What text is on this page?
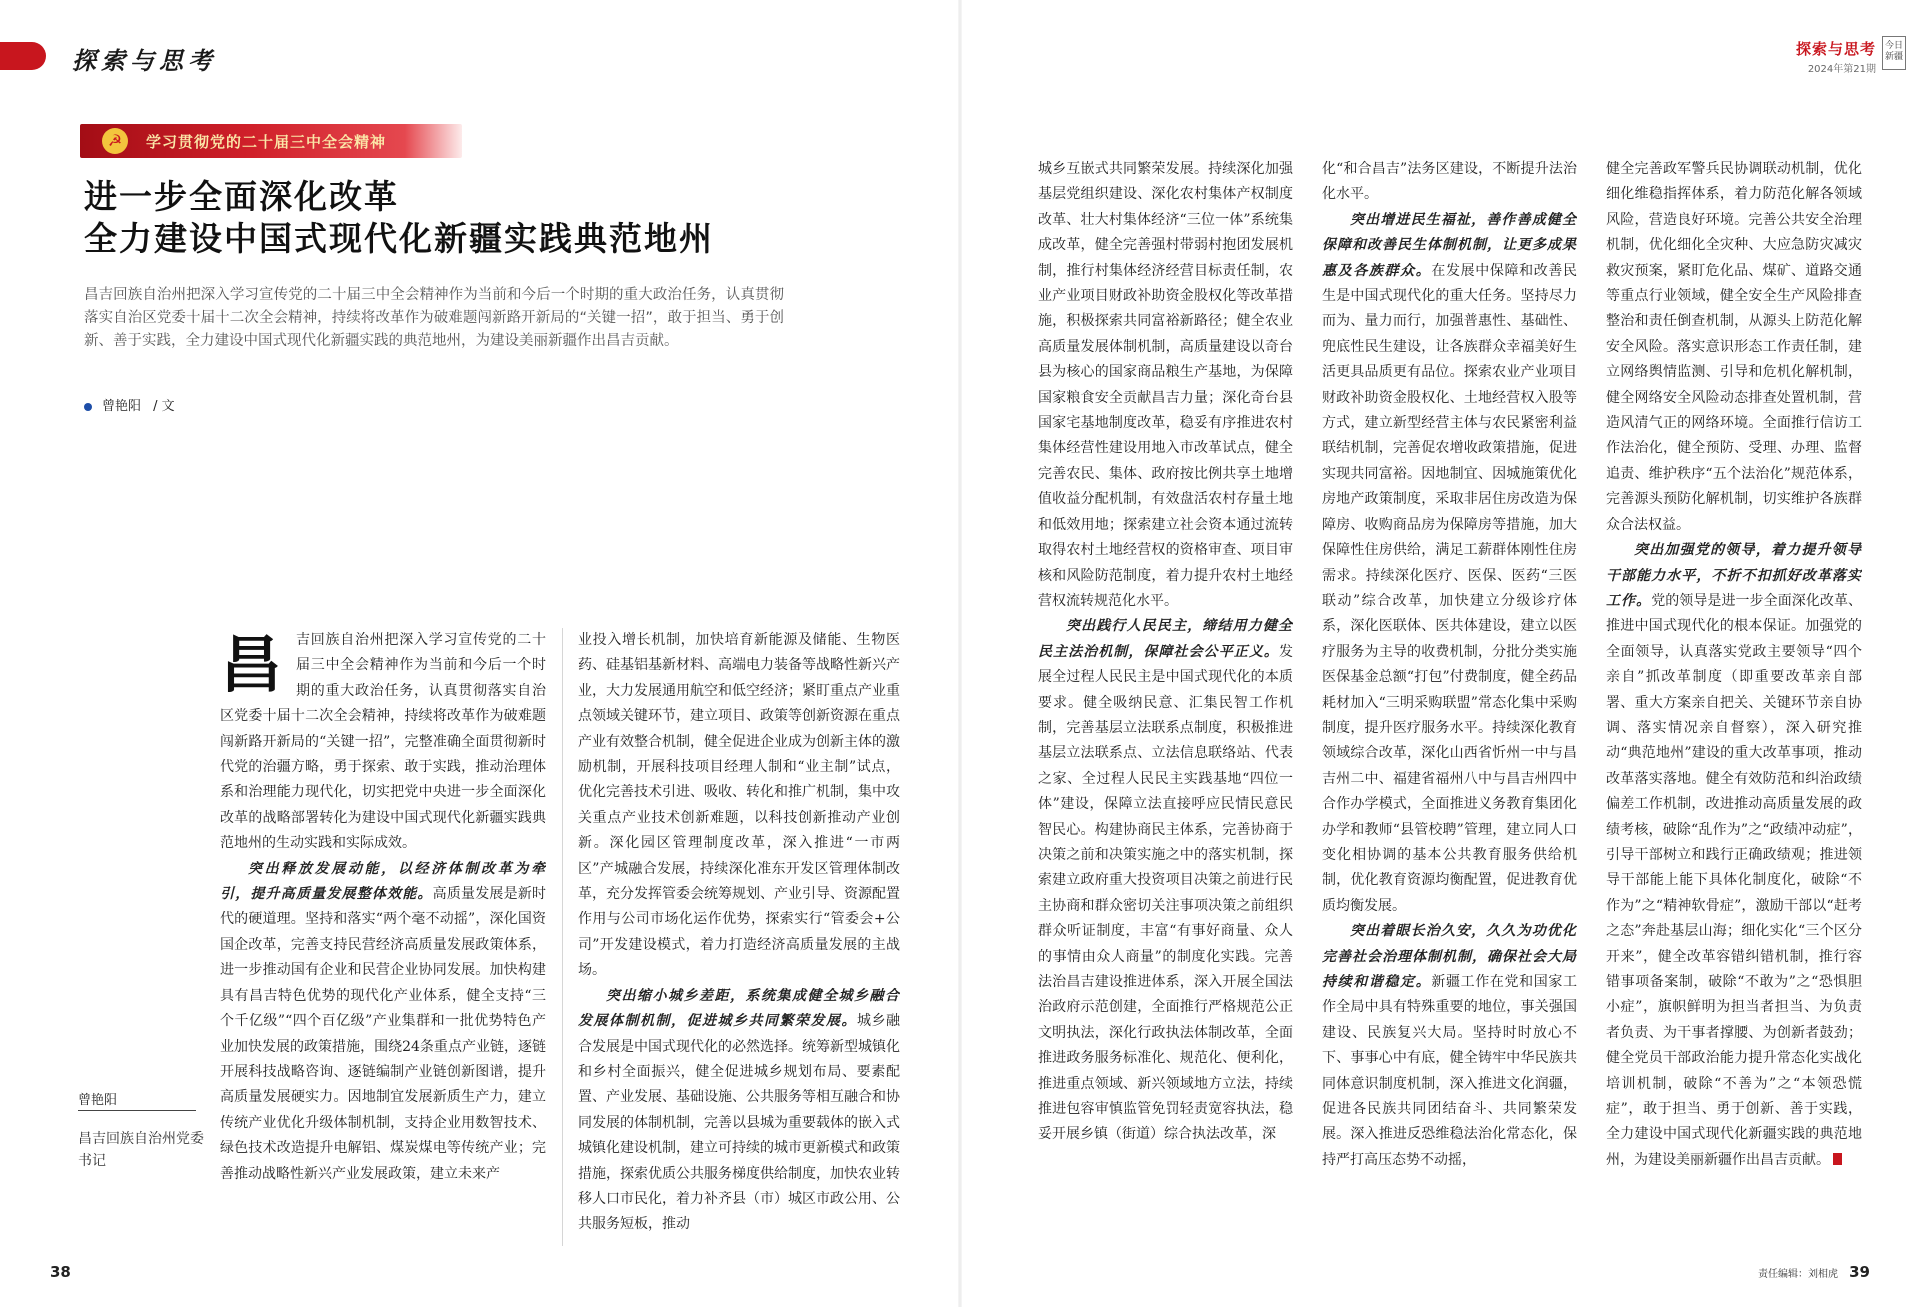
探索与思考	探索与思考
2024年第21期
今日新疆
☭	学习贯彻党的二十届三中全会精神
进一步全面深化改革
全力建设中国式现代化新疆实践典范地州
昌吉回族自治州把深入学习宣传党的二十届三中全会精神作为当前和今后一个时期的重大政治任务，认真贯彻落实自治区党委十届十二次全会精神，持续将改革作为破难题闯新路开新局的“关键一招”，敢于担当、勇于创新、善于实践，全力建设中国式现代化新疆实践的典范地州，为建设美丽新疆作出昌吉贡献。
曾艳阳 / 文
曾艳阳
昌吉回族自治州党委书记

昌吉回族自治州把深入学习宣传党的二十届三中全会精神作为当前和今后一个时期的重大政治任务，认真贯彻落实自治区党委十届十二次全会精神，持续将改革作为破难题闯新路开新局的“关键一招”，完整准确全面贯彻新时代党的治疆方略，勇于探索、敢于实践，推动治理体系和治理能力现代化，切实把党中央进一步全面深化改革的战略部署转化为建设中国式现代化新疆实践典范地州的生动实践和实际成效。

突出释放发展动能，以经济体制改革为牵引，提升高质量发展整体效能。高质量发展是新时代的硬道理。坚持和落实“两个毫不动摇”，深化国资国企改革，完善支持民营经济高质量发展政策体系，进一步推动国有企业和民营企业协同发展。加快构建具有昌吉特色优势的现代化产业体系，健全支持“三个千亿级”“四个百亿级”产业集群和一批优势特色产业加快发展的政策措施，围绕24条重点产业链，逐链开展科技战略咨询、逐链编制产业链创新图谱，提升高质量发展硬实力。因地制宜发展新质生产力，建立传统产业优化升级体制机制，支持企业用数智技术、绿色技术改造提升电解铝、煤炭煤电等传统产业；完善推动战略性新兴产业发展政策，建立未来产

业投入增长机制，加快培育新能源及储能、生物医药、硅基铝基新材料、高端电力装备等战略性新兴产业，大力发展通用航空和低空经济；紧盯重点产业重点领域关键环节，建立项目、政策等创新资源在重点产业有效整合机制，健全促进企业成为创新主体的激励机制，开展科技项目经理人制和“业主制”试点，优化完善技术引进、吸收、转化和推广机制，集中攻关重点产业技术创新难题，以科技创新推动产业创新。深化园区管理制度改革，深入推进“一市两区”产城融合发展，持续深化准东开发区管理体制改革，充分发挥管委会统筹规划、产业引导、资源配置作用与公司市场化运作优势，探索实行“管委会+公司”开发建设模式，着力打造经济高质量发展的主战场。

突出缩小城乡差距，系统集成健全城乡融合发展体制机制，促进城乡共同繁荣发展。城乡融合发展是中国式现代化的必然选择。统筹新型城镇化和乡村全面振兴，健全促进城乡规划布局、要素配置、产业发展、基础设施、公共服务等相互融合和协同发展的体制机制，完善以县城为重要载体的嵌入式城镇化建设机制，建立可持续的城市更新模式和政策措施，探索优质公共服务梯度供给制度，加快农业转移人口市民化，着力补齐县（市）城区市政公用、公共服务短板，推动

城乡互嵌式共同繁荣发展。持续深化加强基层党组织建设、深化农村集体产权制度改革、壮大村集体经济“三位一体”系统集成改革，健全完善强村带弱村抱团发展机制，推行村集体经济经营目标责任制，农业产业项目财政补助资金股权化等改革措施，积极探索共同富裕新路径；健全农业高质量发展体制机制，高质量建设以奇台县为核心的国家商品粮生产基地，为保障国家粮食安全贡献昌吉力量；深化奇台县国家宅基地制度改革，稳妥有序推进农村集体经营性建设用地入市改革试点，健全完善农民、集体、政府按比例共享土地增值收益分配机制，有效盘活农村存量土地和低效用地；探索建立社会资本通过流转取得农村土地经营权的资格审查、项目审核和风险防范制度，着力提升农村土地经营权流转规范化水平。

突出践行人民民主，缔结用力健全民主法治机制，保障社会公平正义。发展全过程人民民主是中国式现代化的本质要求。健全吸纳民意、汇集民智工作机制，完善基层立法联系点制度，积极推进基层立法联系点、立法信息联络站、代表之家、全过程人民民主实践基地“四位一体”建设，保障立法直接呼应民情民意民智民心。构建协商民主体系，完善协商于决策之前和决策实施之中的落实机制，探索建立政府重大投资项目决策之前进行民主协商和群众密切关注事项决策之前组织群众听证制度，丰富“有事好商量、众人的事情由众人商量”的制度化实践。完善法治昌吉建设推进体系，深入开展全国法治政府示范创建，全面推行严格规范公正文明执法，深化行政执法体制改革，全面推进政务服务标准化、规范化、便利化，推进重点领域、新兴领域地方立法，持续推进包容审慎监管免罚轻责宽容执法，稳妥开展乡镇（街道）综合执法改革，深

化“和合昌吉”法务区建设，不断提升法治化水平。

突出增进民生福祉，善作善成健全保障和改善民生体制机制，让更多成果惠及各族群众。在发展中保障和改善民生是中国式现代化的重大任务。坚持尽力而为、量力而行，加强普惠性、基础性、兜底性民生建设，让各族群众幸福美好生活更具品质更有品位。探索农业产业项目财政补助资金股权化、土地经营权入股等方式，建立新型经营主体与农民紧密利益联结机制，完善促农增收政策措施，促进实现共同富裕。因地制宜、因城施策优化房地产政策制度，采取非居住房改造为保障房、收购商品房为保障房等措施，加大保障性住房供给，满足工薪群体刚性住房需求。持续深化医疗、医保、医药“三医联动”综合改革，加快建立分级诊疗体系，深化医联体、医共体建设，建立以医疗服务为主导的收费机制，分批分类实施医保基金总额“打包”付费制度，健全药品耗材加入“三明采购联盟”常态化集中采购制度，提升医疗服务水平。持续深化教育领域综合改革，深化山西省忻州一中与昌吉州二中、福建省福州八中与昌吉州四中合作办学模式，全面推进义务教育集团化办学和教师“县管校聘”管理，建立同人口变化相协调的基本公共教育服务供给机制，优化教育资源均衡配置，促进教育优质均衡发展。

突出着眼长治久安，久久为功优化完善社会治理体制机制，确保社会大局持续和谐稳定。新疆工作在党和国家工作全局中具有特殊重要的地位，事关强国建设、民族复兴大局。坚持时时放心不下、事事心中有底，健全铸牢中华民族共同体意识制度机制，深入推进文化润疆，促进各民族共同团结奋斗、共同繁荣发展。深入推进反恐维稳法治化常态化，保持严打高压态势不动摇，

健全完善政军警兵民协调联动机制，优化细化维稳指挥体系，着力防范化解各领域风险，营造良好环境。完善公共安全治理机制，优化细化全灾种、大应急防灾减灾救灾预案，紧盯危化品、煤矿、道路交通等重点行业领域，健全安全生产风险排查整治和责任倒查机制，从源头上防范化解安全风险。落实意识形态工作责任制，建立网络舆情监测、引导和危机化解机制，健全网络安全风险动态排查处置机制，营造风清气正的网络环境。全面推行信访工作法治化，健全预防、受理、办理、监督追责、维护秩序“五个法治化”规范体系，完善源头预防化解机制，切实维护各族群众合法权益。

突出加强党的领导，着力提升领导干部能力水平，不折不扣抓好改革落实工作。党的领导是进一步全面深化改革、推进中国式现代化的根本保证。加强党的全面领导，认真落实党政主要领导“四个亲自”抓改革制度（即重要改革亲自部署、重大方案亲自把关、关键环节亲自协调、落实情况亲自督察），深入研究推动“典范地州”建设的重大改革事项，推动改革落实落地。健全有效防范和纠治政绩偏差工作机制，改进推动高质量发展的政绩考核，破除“乱作为”之“政绩冲动症”，引导干部树立和践行正确政绩观；推进领导干部能上能下具体化制度化，破除“不作为”之“精神软骨症”，激励干部以“赶考之态”奔赴基层山海；细化实化“三个区分开来”，健全改革容错纠错机制，推行容错事项备案制，破除“不敢为”之“恐惧胆小症”，旗帜鲜明为担当者担当、为负责者负责、为干事者撑腰、为创新者鼓劲；健全党员干部政治能力提升常态化实战化培训机制，破除“不善为”之“本领恐慌症”，敢于担当、勇于创新、善于实践，全力建设中国式现代化新疆实践的典范地州，为建设美丽新疆作出昌吉贡献。

责任编辑：刘相虎
38	39
